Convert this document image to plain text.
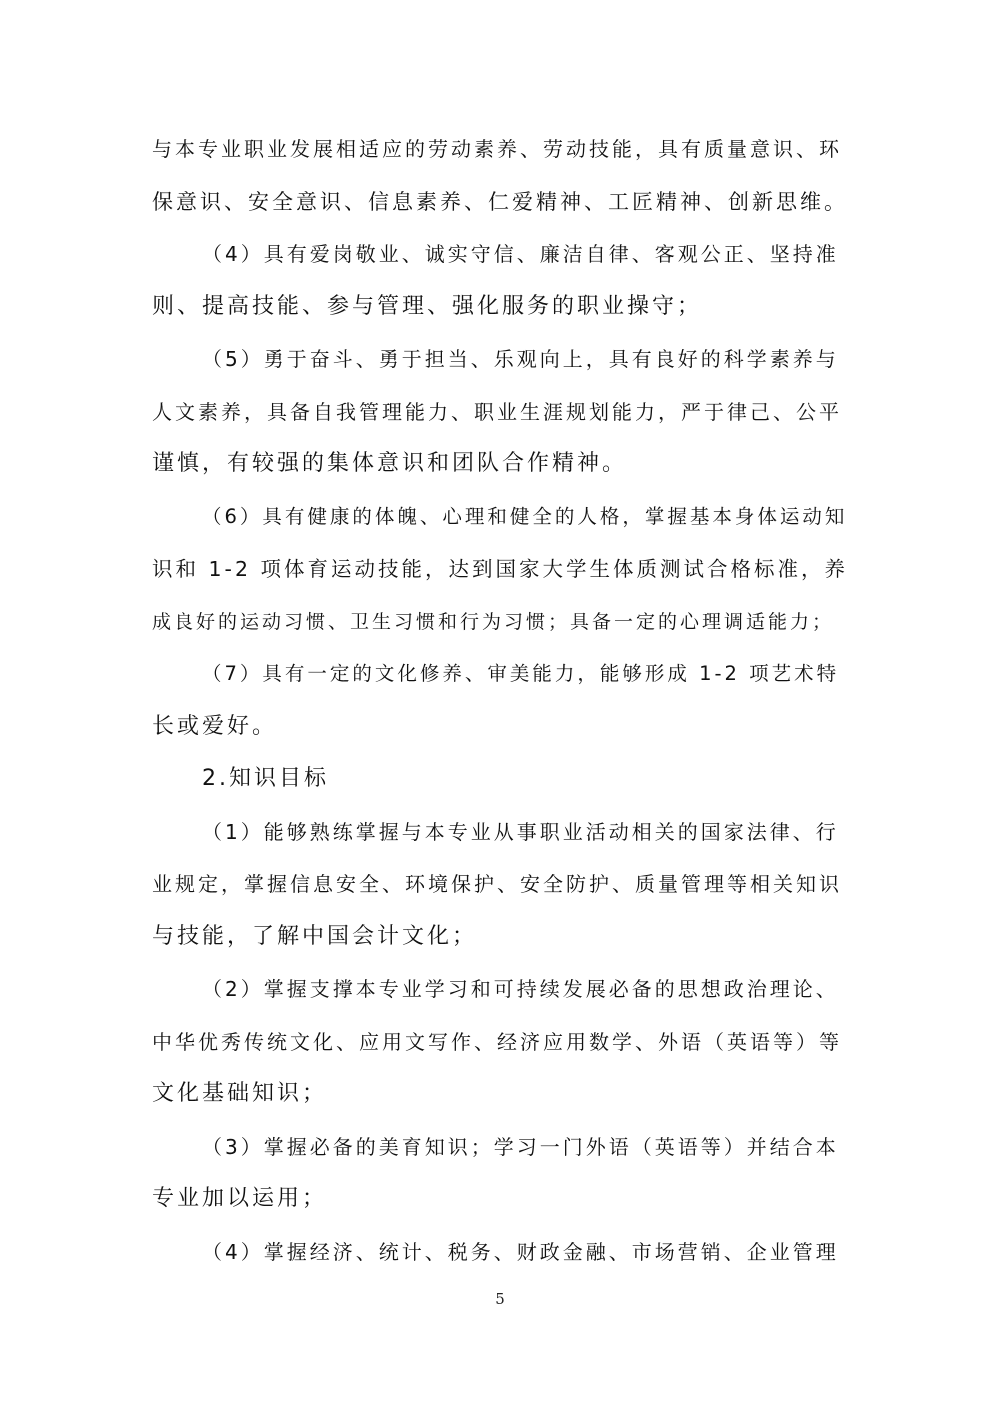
与本专业职业发展相适应的劳动素养、劳动技能，具有质量意识、环
保意识、安全意识、信息素养、仁爱精神、工匠精神、创新思维。
（4）具有爱岗敬业、诚实守信、廉洁自律、客观公正、坚持准
则、提高技能、参与管理、强化服务的职业操守；
（5）勇于奋斗、勇于担当、乐观向上，具有良好的科学素养与
人文素养，具备自我管理能力、职业生涯规划能力，严于律己、公平
谨慎，有较强的集体意识和团队合作精神。
（6）具有健康的体魄、心理和健全的人格，掌握基本身体运动知
识和 1-2 项体育运动技能，达到国家大学生体质测试合格标准，养
成良好的运动习惯、卫生习惯和行为习惯；具备一定的心理调适能力；
（7）具有一定的文化修养、审美能力，能够形成 1-2 项艺术特
长或爱好。
2.知识目标
（1）能够熟练掌握与本专业从事职业活动相关的国家法律、行
业规定，掌握信息安全、环境保护、安全防护、质量管理等相关知识
与技能，了解中国会计文化；
（2）掌握支撑本专业学习和可持续发展必备的思想政治理论、
中华优秀传统文化、应用文写作、经济应用数学、外语（英语等）等
文化基础知识；
（3）掌握必备的美育知识；学习一门外语（英语等）并结合本
专业加以运用；
（4）掌握经济、统计、税务、财政金融、市场营销、企业管理
5
